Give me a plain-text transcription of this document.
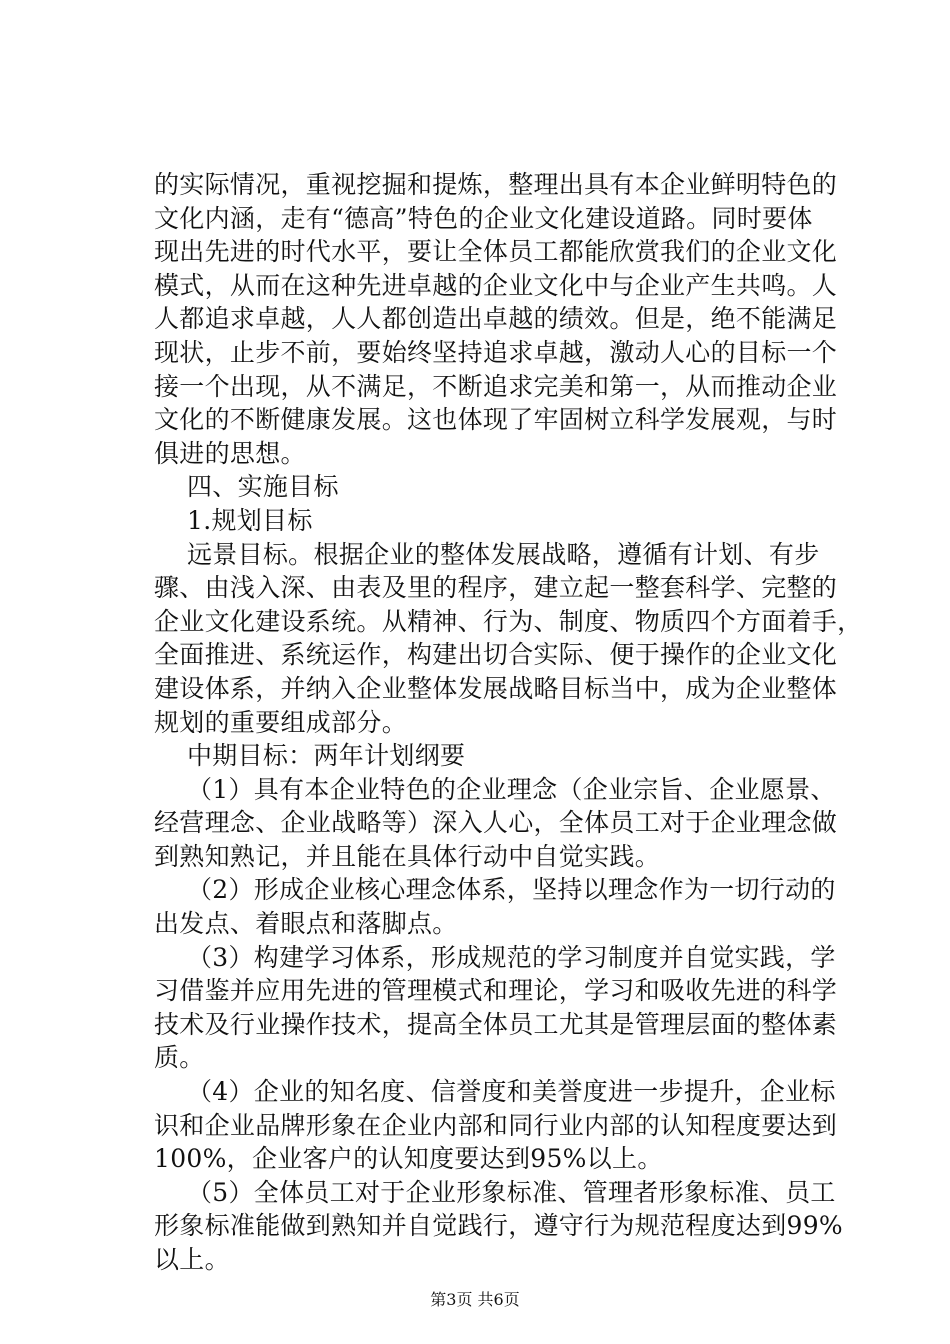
的实际情况，重视挖掘和提炼，整理出具有本企业鲜明特色的
文化内涵，走有“德高”特色的企业文化建设道路。同时要体
现出先进的时代水平，要让全体员工都能欣赏我们的企业文化
模式，从而在这种先进卓越的企业文化中与企业产生共鸣。人
人都追求卓越，人人都创造出卓越的绩效。但是，绝不能满足
现状，止步不前，要始终坚持追求卓越，激动人心的目标一个
接一个出现，从不满足，不断追求完美和第一，从而推动企业
文化的不断健康发展。这也体现了牢固树立科学发展观，与时
俱进的思想。
四、实施目标
1.规划目标
远景目标。根据企业的整体发展战略，遵循有计划、有步
骤、由浅入深、由表及里的程序，建立起一整套科学、完整的
企业文化建设系统。从精神、行为、制度、物质四个方面着手，
全面推进、系统运作，构建出切合实际、便于操作的企业文化
建设体系，并纳入企业整体发展战略目标当中，成为企业整体
规划的重要组成部分。
中期目标：两年计划纲要
（1）具有本企业特色的企业理念（企业宗旨、企业愿景、
经营理念、企业战略等）深入人心，全体员工对于企业理念做
到熟知熟记，并且能在具体行动中自觉实践。
（2）形成企业核心理念体系，坚持以理念作为一切行动的
出发点、着眼点和落脚点。
（3）构建学习体系，形成规范的学习制度并自觉实践，学
习借鉴并应用先进的管理模式和理论，学习和吸收先进的科学
技术及行业操作技术，提高全体员工尤其是管理层面的整体素
质。
（4）企业的知名度、信誉度和美誉度进一步提升，企业标
识和企业品牌形象在企业内部和同行业内部的认知程度要达到
100%，企业客户的认知度要达到95%以上。
（5）全体员工对于企业形象标准、管理者形象标准、员工
形象标准能做到熟知并自觉践行，遵守行为规范程度达到99%
以上。
第3页 共6页
